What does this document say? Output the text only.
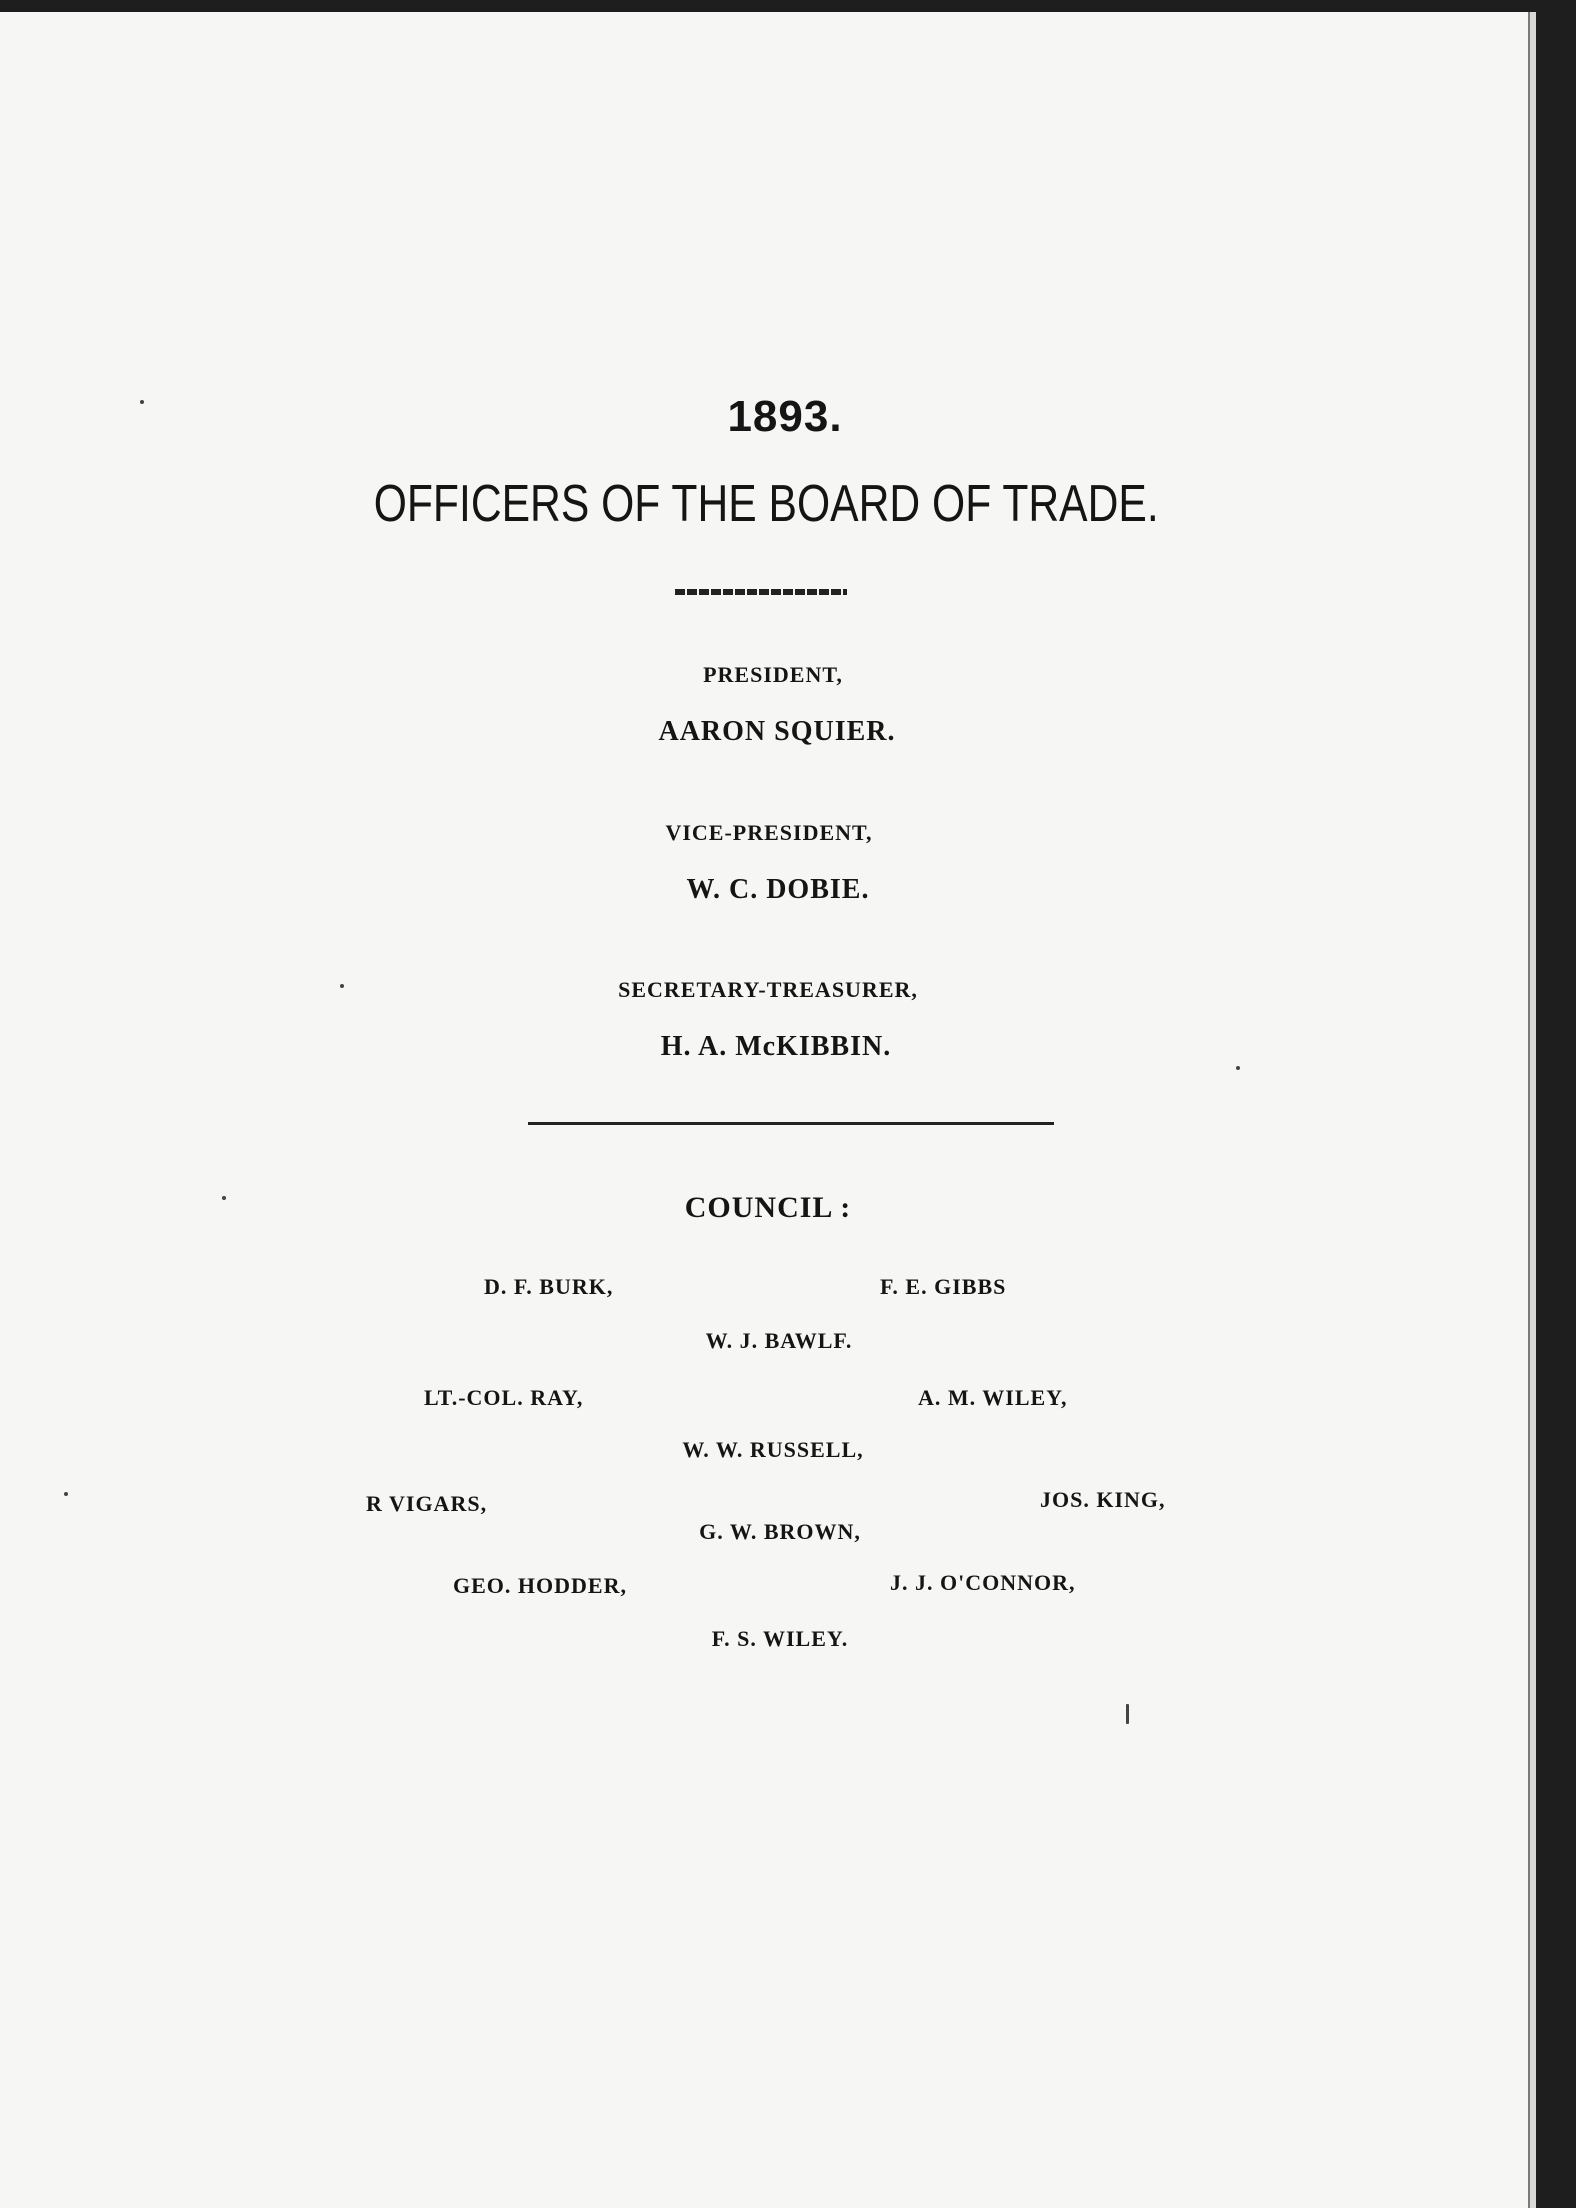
1893.

OFFICERS OF THE BOARD OF TRADE.

PRESIDENT,

AARON SQUIER.

VICE-PRESIDENT,

W. C. DOBIE.

SECRETARY-TREASURER,

H. A. McKIBBIN.

COUNCIL :

D. F. BURK,	F. E. GIBBS
W. J. BAWLF.
LT.-COL. RAY,	A. M. WILEY,
W. W. RUSSELL,
R VIGARS,	JOS. KING,
G. W. BROWN,
GEO. HODDER,	J. J. O'CONNOR,
F. S. WILEY.
